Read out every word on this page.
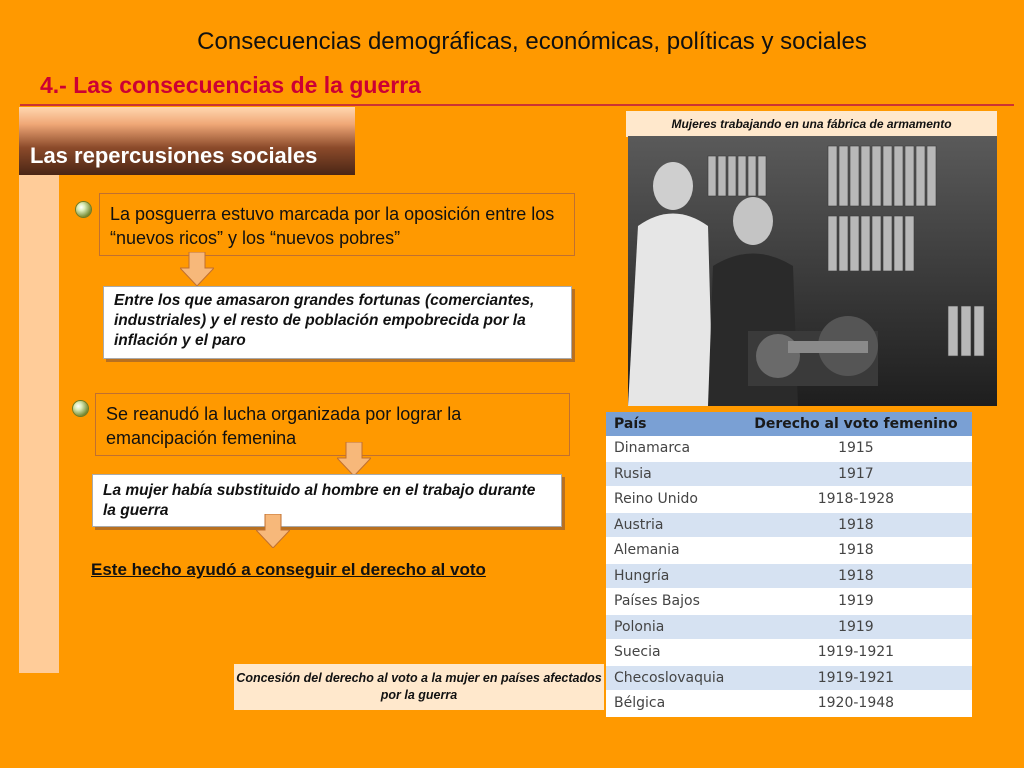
Consecuencias demográficas, económicas, políticas y sociales
4.- Las consecuencias de la guerra
Las repercusiones sociales
La posguerra estuvo marcada por la oposición entre los “nuevos ricos” y los “nuevos pobres”
Entre los que amasaron grandes fortunas (comerciantes, industriales) y el resto de población empobrecida por la inflación y el paro
Se reanudó la lucha organizada por lograr la emancipación femenina
La mujer había substituido al hombre en el trabajo durante la guerra
Este hecho ayudó a conseguir el derecho al voto
Mujeres trabajando en una fábrica de armamento
País	Derecho al voto femenino
Dinamarca	1915
Rusia	1917
Reino Unido	1918-1928
Austria	1918
Alemania	1918
Hungría	1918
Países Bajos	1919
Polonia	1919
Suecia	1919-1921
Checoslovaquia	1919-1921
Bélgica	1920-1948
Concesión del derecho al voto a la mujer en países afectados por la guerra
